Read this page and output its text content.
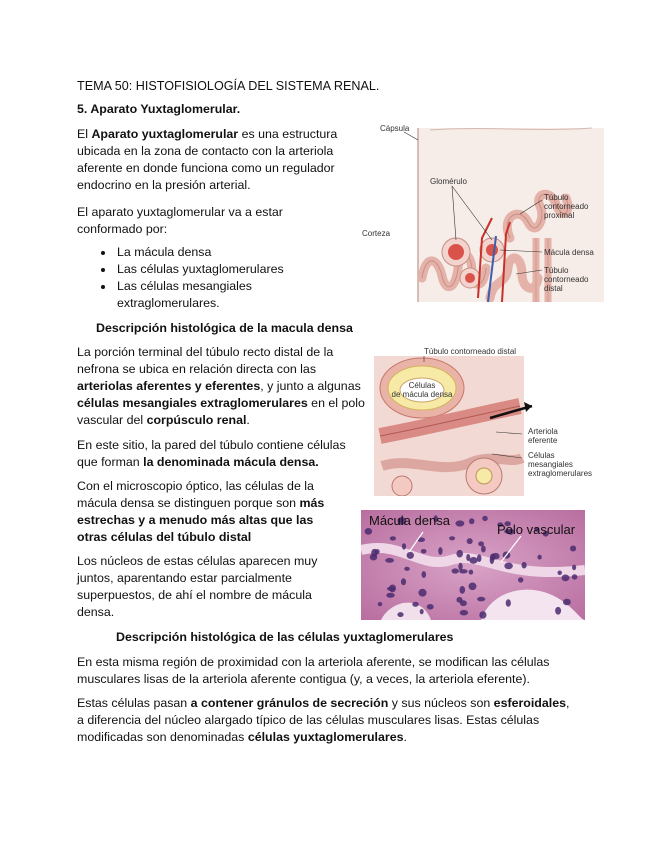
TEMA 50: HISTOFISIOLOGÍA DEL SISTEMA RENAL.
5. Aparato Yuxtaglomerular.
El Aparato yuxtaglomerular es una estructura ubicada en la zona de contacto con la arteriola aferente en donde funciona como un regulador endocrino en la presión arterial.
El aparato yuxtaglomerular va a estar conformado por:
• La mácula densa
• Las células yuxtaglomerulares
• Las células mesangiales extraglomerulares.
Descripción histológica de la macula densa
La porción terminal del túbulo recto distal de la nefrona se ubica en relación directa con las arteriolas aferentes y eferentes, y junto a algunas células mesangiales extraglomerulares en el polo vascular del corpúsculo renal.
En este sitio, la pared del túbulo contiene células que forman la denominada mácula densa.
Con el microscopio óptico, las células de la mácula densa se distinguen porque son más estrechas y a menudo más altas que las otras células del túbulo distal
Los núcleos de estas células aparecen muy juntos, aparentando estar parcialmente superpuestos, de ahí el nombre de mácula densa.
Descripción histológica de las células yuxtaglomerulares
En esta misma región de proximidad con la arteriola aferente, se modifican las células musculares lisas de la arteriola aferente contigua (y, a veces, la arteriola eferente).
Estas células pasan a contener gránulos de secreción y sus núcleos son esferoidales, a diferencia del núcleo alargado típico de las células musculares lisas. Estas células modificadas son denominadas células yuxtaglomerulares.
Cápsula
Glomérulo
Corteza
Túbulo
contorneado
proximal
Mácula densa
Túbulo
contorneado
distal
Túbulo contorneado distal
Células
de mácula densa
Arteriola
eferente
Células
mesangiales
extraglomerulares
Mácula densa
Polo vascular
